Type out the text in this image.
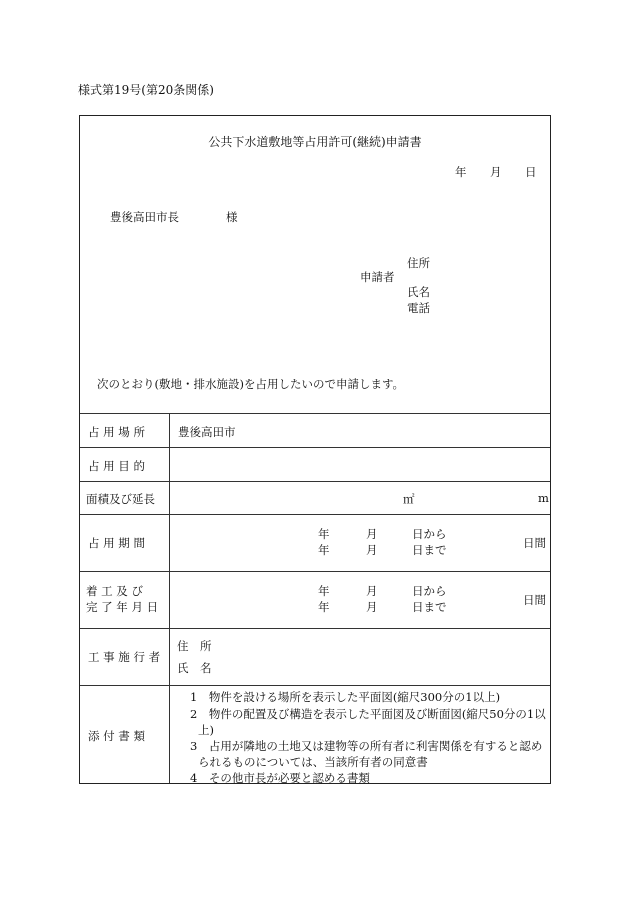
様式第19号(第20条関係)
公共下水道敷地等占用許可(継続)申請書
年 月 日
豊後高田市長	様
申請者
住所
氏名
電話
次のとおり(敷地・排水施設)を占用したいので申請します。
占 用 場 所	豊後高田市
占 用 目 的
面積及び延長	㎡	m
占 用 期 間
年	月	日から
年	月	日まで	日間
着 工 及 び
完 了 年 月 日
年	月	日から
年	月	日まで	日間
工 事 施 行 者
住　所
氏　名
添 付 書 類
1　物件を設ける場所を表示した平面図(縮尺300分の1以上)
2　物件の配置及び構造を表示した平面図及び断面図(縮尺50分の1以
上)
3　占用が隣地の土地又は建物等の所有者に利害関係を有すると認め
られるものについては、当該所有者の同意書
4　その他市長が必要と認める書類
